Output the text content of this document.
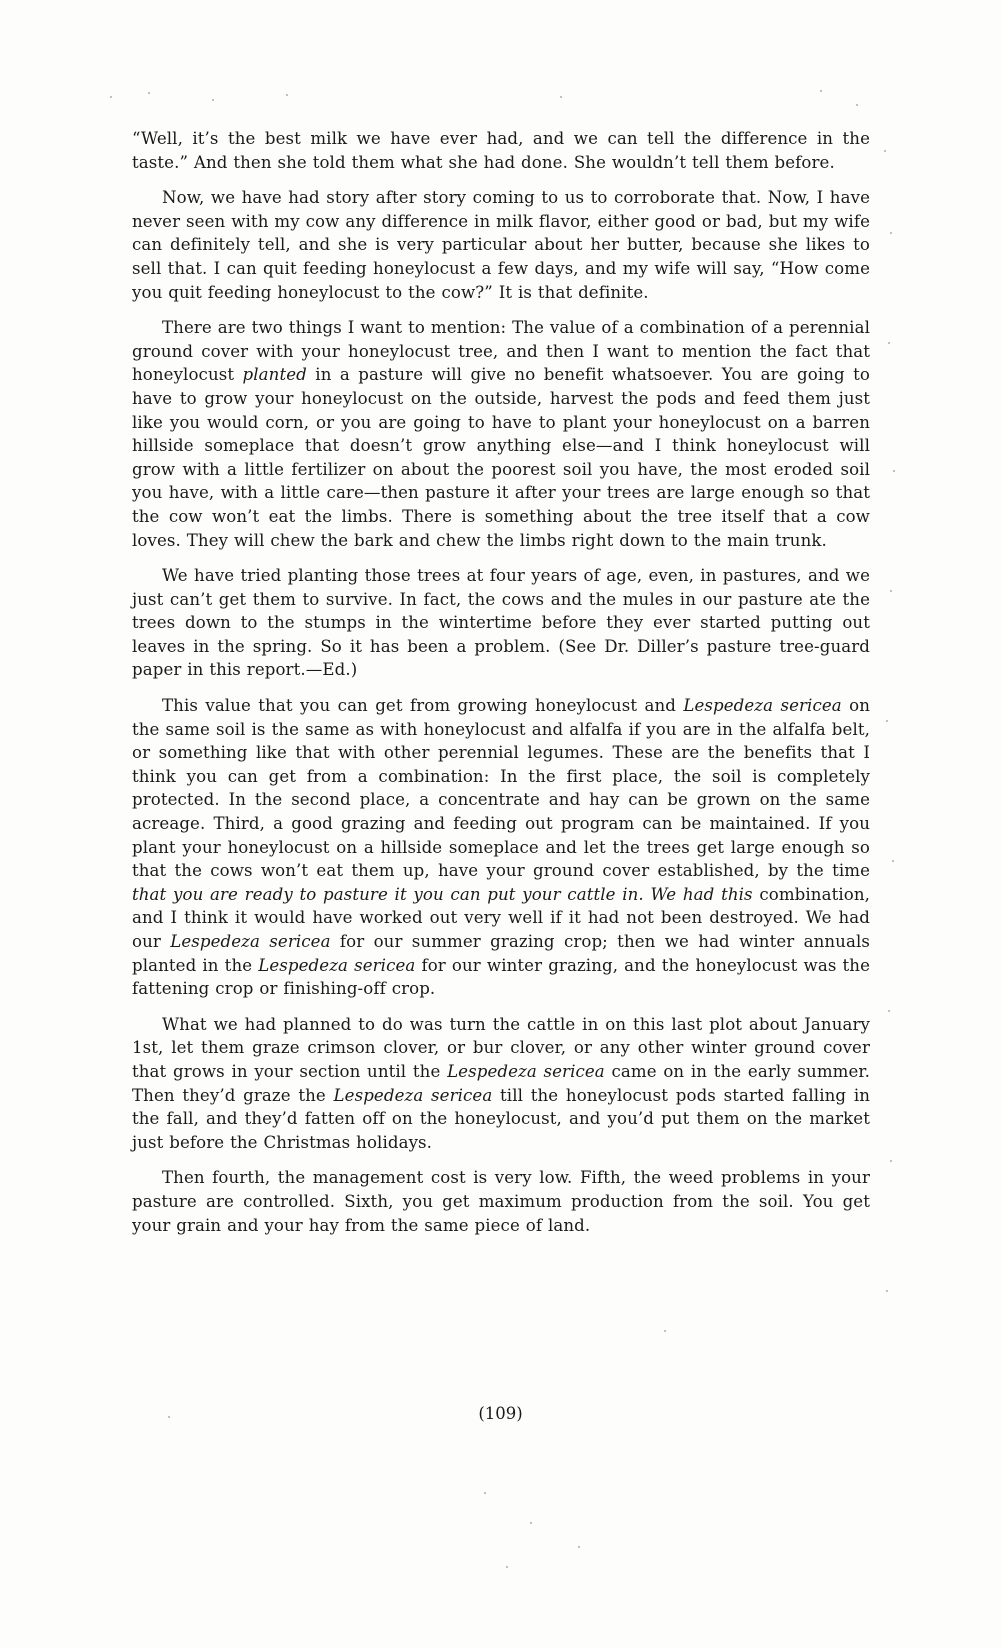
“Well, it’s the best milk we have ever had, and we can tell the difference in the taste.” And then she told them what she had done. She wouldn’t tell them before.

Now, we have had story after story coming to us to corroborate that. Now, I have never seen with my cow any difference in milk flavor, either good or bad, but my wife can definitely tell, and she is very particular about her butter, because she likes to sell that. I can quit feeding honeylocust a few days, and my wife will say, “How come you quit feeding honeylocust to the cow?” It is that definite.

There are two things I want to mention: The value of a combination of a perennial ground cover with your honeylocust tree, and then I want to mention the fact that honeylocust planted in a pasture will give no benefit whatsoever. You are going to have to grow your honeylocust on the outside, harvest the pods and feed them just like you would corn, or you are going to have to plant your honeylocust on a barren hillside someplace that doesn’t grow anything else—and I think honeylocust will grow with a little fertilizer on about the poorest soil you have, the most eroded soil you have, with a little care—then pasture it after your trees are large enough so that the cow won’t eat the limbs. There is something about the tree itself that a cow loves. They will chew the bark and chew the limbs right down to the main trunk.

We have tried planting those trees at four years of age, even, in pastures, and we just can’t get them to survive. In fact, the cows and the mules in our pasture ate the trees down to the stumps in the wintertime before they ever started putting out leaves in the spring. So it has been a problem. (See Dr. Diller’s pasture tree-guard paper in this report.—Ed.)

This value that you can get from growing honeylocust and Lespedeza sericea on the same soil is the same as with honeylocust and alfalfa if you are in the alfalfa belt, or something like that with other perennial legumes. These are the benefits that I think you can get from a combination: In the first place, the soil is completely protected. In the second place, a concentrate and hay can be grown on the same acreage. Third, a good grazing and feeding out program can be maintained. If you plant your honeylocust on a hillside someplace and let the trees get large enough so that the cows won’t eat them up, have your ground cover established, by the time that you are ready to pasture it you can put your cattle in. We had this combination, and I think it would have worked out very well if it had not been destroyed. We had our Lespedeza sericea for our summer grazing crop; then we had winter annuals planted in the Lespedeza sericea for our winter grazing, and the honeylocust was the fattening crop or finishing-off crop.

What we had planned to do was turn the cattle in on this last plot about January 1st, let them graze crimson clover, or bur clover, or any other winter ground cover that grows in your section until the Lespedeza sericea came on in the early summer. Then they’d graze the Lespedeza sericea till the honeylocust pods started falling in the fall, and they’d fatten off on the honeylocust, and you’d put them on the market just before the Christmas holidays.

Then fourth, the management cost is very low. Fifth, the weed problems in your pasture are controlled. Sixth, you get maximum production from the soil. You get your grain and your hay from the same piece of land.

(109)
